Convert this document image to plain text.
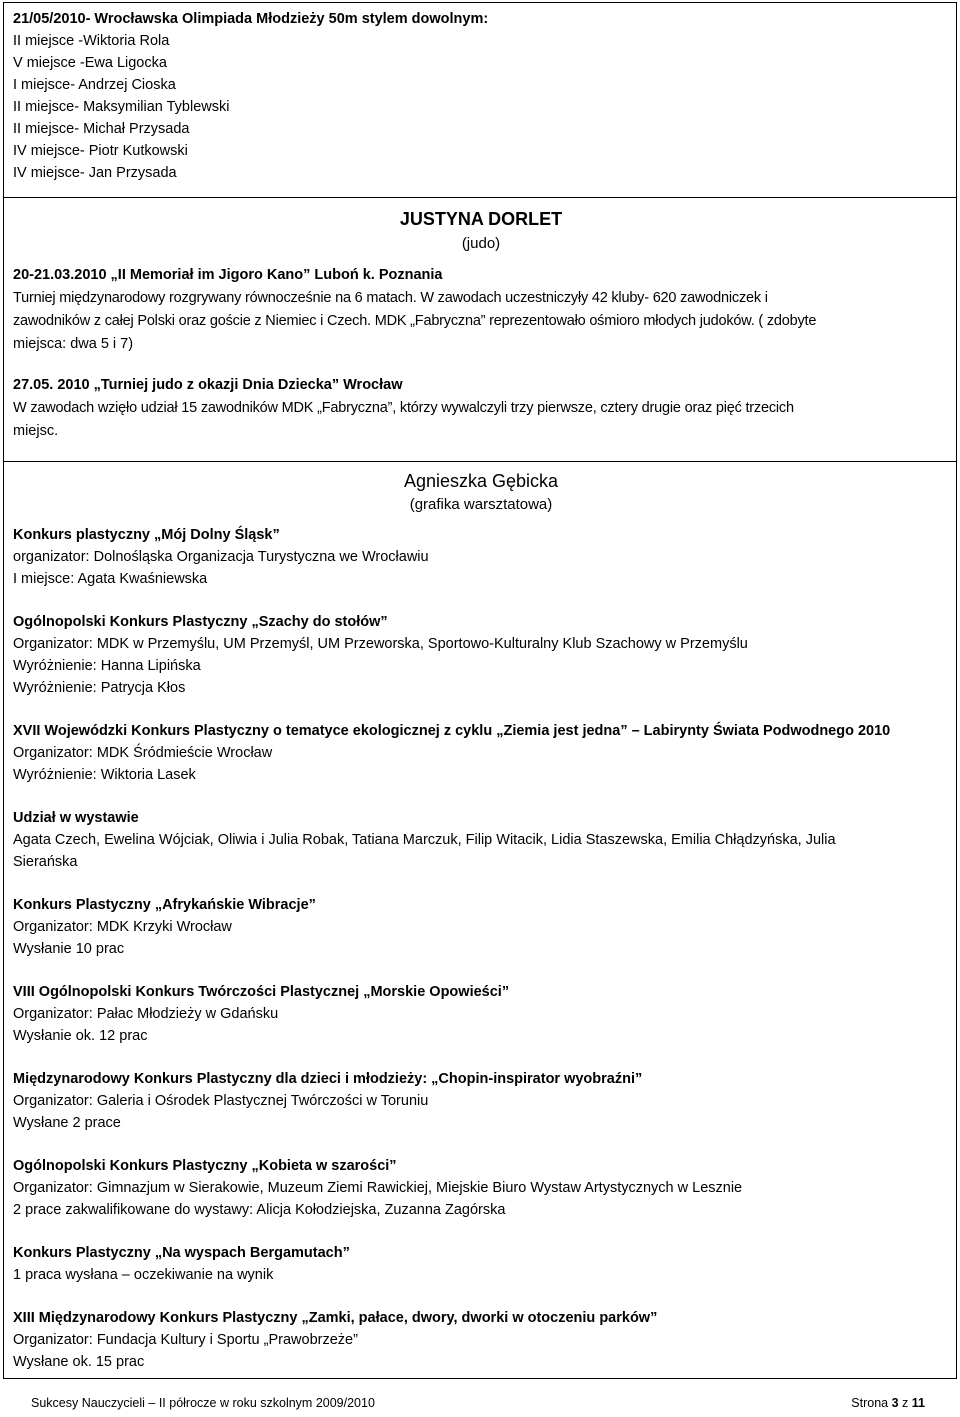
21/05/2010- Wrocławska Olimpiada Młodzieży 50m stylem dowolnym:
II miejsce -Wiktoria Rola
V miejsce -Ewa Ligocka
I miejsce- Andrzej Cioska
II miejsce- Maksymilian Tyblewski
II miejsce- Michał Przysada
IV miejsce- Piotr Kutkowski
IV miejsce- Jan Przysada
JUSTYNA DORLET
(judo)
20-21.03.2010 „II Memoriał im Jigoro Kano” Luboń k. Poznania
Turniej międzynarodowy rozgrywany równocześnie na 6 matach. W zawodach uczestniczyły 42 kluby- 620 zawodniczek i
zawodników z całej Polski oraz goście z Niemiec i Czech. MDK „Fabryczna” reprezentowało ośmioro młodych judoków. ( zdobyte
miejsca: dwa 5 i 7)
27.05. 2010 „Turniej judo z okazji Dnia Dziecka” Wrocław
W zawodach wzięło udział 15 zawodników MDK „Fabryczna”, którzy wywalczyli trzy pierwsze, cztery drugie oraz pięć trzecich
miejsc.
Agnieszka Gębicka
(grafika warsztatowa)
Konkurs plastyczny „Mój Dolny Śląsk”
organizator: Dolnośląska Organizacja Turystyczna we Wrocławiu
I miejsce: Agata Kwaśniewska
Ogólnopolski Konkurs Plastyczny „Szachy do stołów”
Organizator: MDK w Przemyślu, UM Przemyśl, UM Przeworska, Sportowo-Kulturalny Klub Szachowy w Przemyślu
Wyróżnienie: Hanna Lipińska
Wyróżnienie: Patrycja Kłos
XVII Wojewódzki Konkurs Plastyczny o tematyce ekologicznej z cyklu „Ziemia jest jedna” – Labirynty Świata Podwodnego 2010
Organizator: MDK Śródmieście Wrocław
Wyróżnienie: Wiktoria Lasek
Udział w wystawie
Agata Czech, Ewelina Wójciak, Oliwia i Julia Robak, Tatiana Marczuk, Filip Witacik, Lidia Staszewska, Emilia Chłądzyńska, Julia
Sierańska
Konkurs Plastyczny „Afrykańskie Wibracje”
Organizator: MDK Krzyki Wrocław
Wysłanie 10 prac
VIII Ogólnopolski Konkurs Twórczości Plastycznej „Morskie Opowieści”
Organizator: Pałac Młodzieży w Gdańsku
Wysłanie ok. 12 prac
Międzynarodowy Konkurs Plastyczny dla dzieci i młodzieży: „Chopin-inspirator wyobraźni”
Organizator: Galeria i Ośrodek Plastycznej Twórczości w Toruniu
Wysłane 2 prace
Ogólnopolski Konkurs Plastyczny „Kobieta w szarości”
Organizator: Gimnazjum w Sierakowie, Muzeum Ziemi Rawickiej, Miejskie Biuro Wystaw Artystycznych w Lesznie
2 prace zakwalifikowane do wystawy: Alicja Kołodziejska, Zuzanna Zagórska
Konkurs Plastyczny „Na wyspach Bergamutach”
1 praca wysłana – oczekiwanie na wynik
XIII Międzynarodowy Konkurs Plastyczny „Zamki, pałace, dwory, dworki w otoczeniu parków”
Organizator: Fundacja Kultury i Sportu „Prawobrzeże”
Wysłane ok. 15 prac
Sukcesy Nauczycieli – II półrocze w roku szkolnym 2009/2010	Strona 3 z 11
